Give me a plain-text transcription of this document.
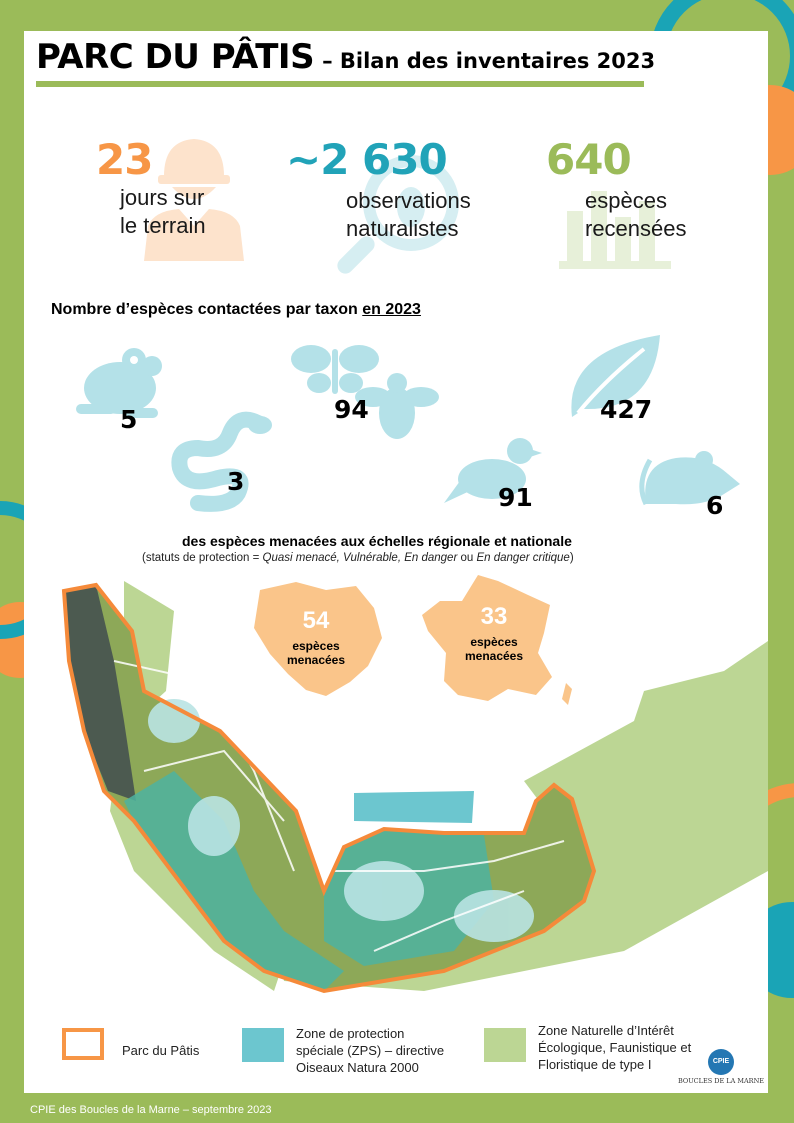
PARC DU PÂTIS – Bilan des inventaires 2023
23
jours sur
le terrain
~2 630
observations
naturalistes
640
espèces
recensées
Nombre d’espèces contactées par taxon en 2023
5
3
94
91
427
6
des espèces menacées aux échelles régionale et nationale
(statuts de protection = Quasi menacé, Vulnérable, En danger ou En danger critique)
54
espèces
menacées
33
espèces
menacées
Parc du Pâtis
Zone de protection
spéciale (ZPS) – directive
Oiseaux Natura 2000
Zone Naturelle d’Intérêt
Écologique, Faunistique et
Floristique de type I	CPIE
BOUCLES DE LA MARNE
CPIE des Boucles de la Marne – septembre 2023
